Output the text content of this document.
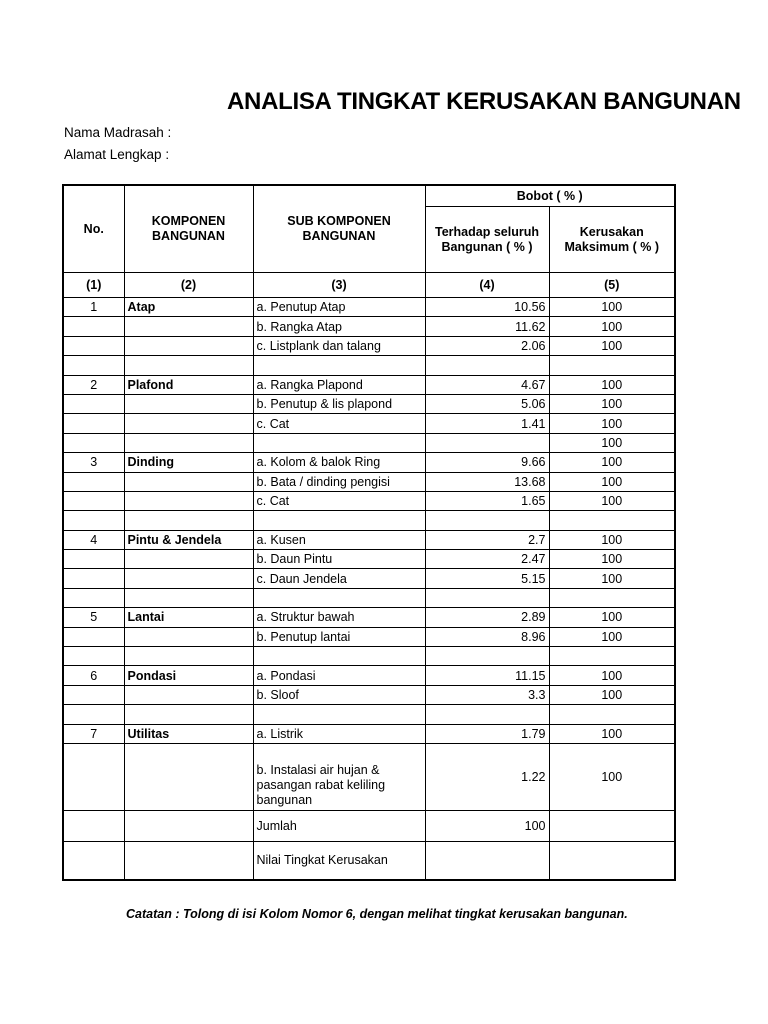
ANALISA TINGKAT KERUSAKAN BANGUNAN
Nama Madrasah :
Alamat Lengkap :
No.	KOMPONEN BANGUNAN	SUB KOMPONEN BANGUNAN	Bobot ( % )	
			Terhadap seluruh Bangunan ( % )	Kerusakan Maksimum ( % )
(1)	(2)	(3)	(4)	(5)
1	Atap	a. Penutup Atap	10.56	100
		b. Rangka Atap	11.62	100
		c. Listplank dan talang	2.06	100

2	Plafond	a. Rangka Plapond	4.67	100
		b. Penutup & lis plapond	5.06	100
		c. Cat	1.41	100
				100
3	Dinding	a. Kolom & balok Ring	9.66	100
		b. Bata / dinding pengisi	13.68	100
		c. Cat	1.65	100

4	Pintu & Jendela	a. Kusen	2.7	100
		b. Daun Pintu	2.47	100
		c. Daun Jendela	5.15	100

5	Lantai	a. Struktur bawah	2.89	100
		b. Penutup lantai	8.96	100

6	Pondasi	a. Pondasi	11.15	100
		b. Sloof	3.3	100

7	Utilitas	a. Listrik	1.79	100
		b. Instalasi air hujan & pasangan rabat keliling bangunan	1.22	100
		Jumlah	100	
		Nilai Tingkat Kerusakan		
Catatan : Tolong di isi Kolom Nomor 6, dengan melihat tingkat kerusakan bangunan.
